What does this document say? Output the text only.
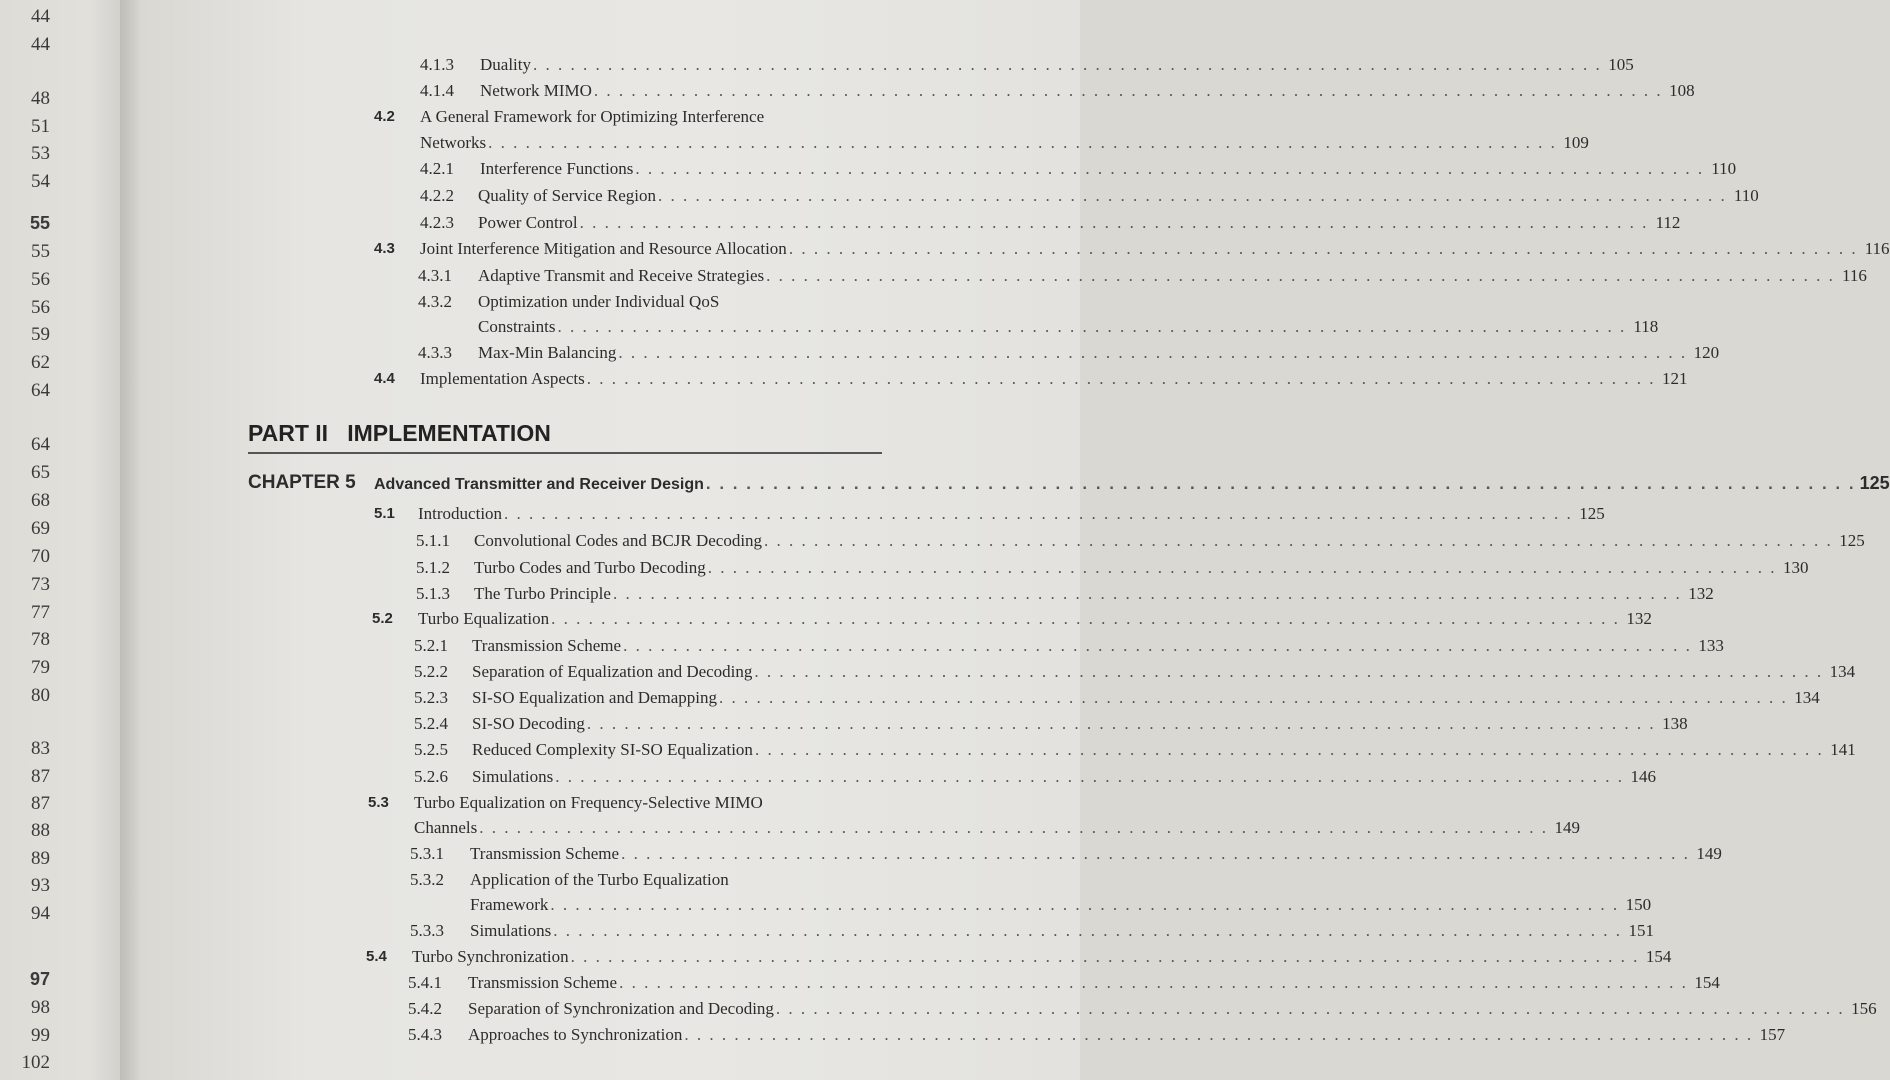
PART II IMPLEMENTATION
4.1.3 Duality . . . . . . . . . . . . . . . . . . . . . . . . . . . . . . . . . . . . . . . . . . . . . . . . . . . . . . . . . . . . . . . . . . . . . . . . . . . . . . . . . . . . . . 105
4.1.4 Network MIMO . . . . . . . . . . . . . . . . . . . . . . . . . . . . . . . . . . . . . . . . . . . . . . . . . . . . . . . . . . . . . . . . . . . . . . . . . . . . . . . . . . . . . . 108
4.2 A General Framework for Optimizing Interference
Networks . . . . . . . . . . . . . . . . . . . . . . . . . . . . . . . . . . . . . . . . . . . . . . . . . . . . . . . . . . . . . . . . . . . . . . . . . . . . . . . . . . . . . . 109
4.2.1 Interference Functions . . . . . . . . . . . . . . . . . . . . . . . . . . . . . . . . . . . . . . . . . . . . . . . . . . . . . . . . . . . . . . . . . . . . . . . . . . . . . . . . . . . . . . 110
4.2.2 Quality of Service Region . . . . . . . . . . . . . . . . . . . . . . . . . . . . . . . . . . . . . . . . . . . . . . . . . . . . . . . . . . . . . . . . . . . . . . . . . . . . . . . . . . . . . . 110
4.2.3 Power Control . . . . . . . . . . . . . . . . . . . . . . . . . . . . . . . . . . . . . . . . . . . . . . . . . . . . . . . . . . . . . . . . . . . . . . . . . . . . . . . . . . . . . . 112
4.3 Joint Interference Mitigation and Resource Allocation . . . . . . . . . . . . . . . . . . . . . . . . . . . . . . . . . . . . . . . . . . . . . . . . . . . . . . . . . . . . . . . . . . . . . . . . . . . . . . . . . . . . . . 116
4.3.1 Adaptive Transmit and Receive Strategies . . . . . . . . . . . . . . . . . . . . . . . . . . . . . . . . . . . . . . . . . . . . . . . . . . . . . . . . . . . . . . . . . . . . . . . . . . . . . . . . . . . . . . 116
4.3.2 Optimization under Individual QoS
Constraints . . . . . . . . . . . . . . . . . . . . . . . . . . . . . . . . . . . . . . . . . . . . . . . . . . . . . . . . . . . . . . . . . . . . . . . . . . . . . . . . . . . . . . 118
4.3.3 Max-Min Balancing . . . . . . . . . . . . . . . . . . . . . . . . . . . . . . . . . . . . . . . . . . . . . . . . . . . . . . . . . . . . . . . . . . . . . . . . . . . . . . . . . . . . . . 120
4.4 Implementation Aspects . . . . . . . . . . . . . . . . . . . . . . . . . . . . . . . . . . . . . . . . . . . . . . . . . . . . . . . . . . . . . . . . . . . . . . . . . . . . . . . . . . . . . . 121
CHAPTER 5 Advanced Transmitter and Receiver Design . . . . . . . . . . . . . . . . . . . . . . . . . . . . . . . . . . . . . . . . . . . . . . . . . . . . . . . . . . . . . . . . . . . . . . . . . . . . . . . . . . . . . . 125
5.1 Introduction . . . . . . . . . . . . . . . . . . . . . . . . . . . . . . . . . . . . . . . . . . . . . . . . . . . . . . . . . . . . . . . . . . . . . . . . . . . . . . . . . . . . . . 125
5.1.1 Convolutional Codes and BCJR Decoding . . . . . . . . . . . . . . . . . . . . . . . . . . . . . . . . . . . . . . . . . . . . . . . . . . . . . . . . . . . . . . . . . . . . . . . . . . . . . . . . . . . . . . 125
5.1.2 Turbo Codes and Turbo Decoding . . . . . . . . . . . . . . . . . . . . . . . . . . . . . . . . . . . . . . . . . . . . . . . . . . . . . . . . . . . . . . . . . . . . . . . . . . . . . . . . . . . . . . 130
5.1.3 The Turbo Principle . . . . . . . . . . . . . . . . . . . . . . . . . . . . . . . . . . . . . . . . . . . . . . . . . . . . . . . . . . . . . . . . . . . . . . . . . . . . . . . . . . . . . . 132
5.2 Turbo Equalization . . . . . . . . . . . . . . . . . . . . . . . . . . . . . . . . . . . . . . . . . . . . . . . . . . . . . . . . . . . . . . . . . . . . . . . . . . . . . . . . . . . . . . 132
5.2.1 Transmission Scheme . . . . . . . . . . . . . . . . . . . . . . . . . . . . . . . . . . . . . . . . . . . . . . . . . . . . . . . . . . . . . . . . . . . . . . . . . . . . . . . . . . . . . . 133
5.2.2 Separation of Equalization and Decoding . . . . . . . . . . . . . . . . . . . . . . . . . . . . . . . . . . . . . . . . . . . . . . . . . . . . . . . . . . . . . . . . . . . . . . . . . . . . . . . . . . . . . . 134
5.2.3 SI-SO Equalization and Demapping . . . . . . . . . . . . . . . . . . . . . . . . . . . . . . . . . . . . . . . . . . . . . . . . . . . . . . . . . . . . . . . . . . . . . . . . . . . . . . . . . . . . . . 134
5.2.4 SI-SO Decoding . . . . . . . . . . . . . . . . . . . . . . . . . . . . . . . . . . . . . . . . . . . . . . . . . . . . . . . . . . . . . . . . . . . . . . . . . . . . . . . . . . . . . . 138
5.2.5 Reduced Complexity SI-SO Equalization . . . . . . . . . . . . . . . . . . . . . . . . . . . . . . . . . . . . . . . . . . . . . . . . . . . . . . . . . . . . . . . . . . . . . . . . . . . . . . . . . . . . . . 141
5.2.6 Simulations . . . . . . . . . . . . . . . . . . . . . . . . . . . . . . . . . . . . . . . . . . . . . . . . . . . . . . . . . . . . . . . . . . . . . . . . . . . . . . . . . . . . . . 146
5.3 Turbo Equalization on Frequency-Selective MIMO
Channels . . . . . . . . . . . . . . . . . . . . . . . . . . . . . . . . . . . . . . . . . . . . . . . . . . . . . . . . . . . . . . . . . . . . . . . . . . . . . . . . . . . . . . 149
5.3.1 Transmission Scheme . . . . . . . . . . . . . . . . . . . . . . . . . . . . . . . . . . . . . . . . . . . . . . . . . . . . . . . . . . . . . . . . . . . . . . . . . . . . . . . . . . . . . . 149
5.3.2 Application of the Turbo Equalization
Framework . . . . . . . . . . . . . . . . . . . . . . . . . . . . . . . . . . . . . . . . . . . . . . . . . . . . . . . . . . . . . . . . . . . . . . . . . . . . . . . . . . . . . . 150
5.3.3 Simulations . . . . . . . . . . . . . . . . . . . . . . . . . . . . . . . . . . . . . . . . . . . . . . . . . . . . . . . . . . . . . . . . . . . . . . . . . . . . . . . . . . . . . . 151
5.4 Turbo Synchronization . . . . . . . . . . . . . . . . . . . . . . . . . . . . . . . . . . . . . . . . . . . . . . . . . . . . . . . . . . . . . . . . . . . . . . . . . . . . . . . . . . . . . . 154
5.4.1 Transmission Scheme . . . . . . . . . . . . . . . . . . . . . . . . . . . . . . . . . . . . . . . . . . . . . . . . . . . . . . . . . . . . . . . . . . . . . . . . . . . . . . . . . . . . . . 154
5.4.2 Separation of Synchronization and Decoding . . . . . . . . . . . . . . . . . . . . . . . . . . . . . . . . . . . . . . . . . . . . . . . . . . . . . . . . . . . . . . . . . . . . . . . . . . . . . . . . . . . . . . 156
5.4.3 Approaches to Synchronization . . . . . . . . . . . . . . . . . . . . . . . . . . . . . . . . . . . . . . . . . . . . . . . . . . . . . . . . . . . . . . . . . . . . . . . . . . . . . . . . . . . . . . 157
44
44
48
51
53
54
55
55
56
56
59
62
64
64
65
68
69
70
73
77
78
79
80
83
87
87
88
89
93
94
97
98
99
102
